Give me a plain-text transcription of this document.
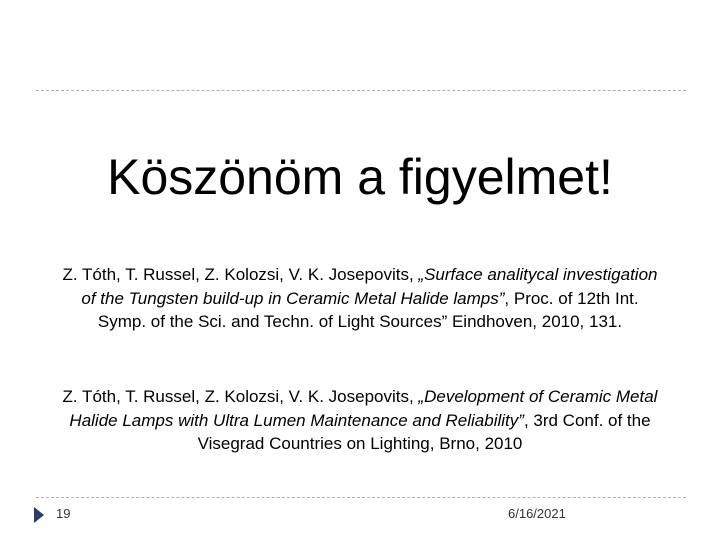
Köszönöm a figyelmet!
Z. Tóth, T. Russel, Z. Kolozsi, V. K. Josepovits, „Surface analitycal investigation of the Tungsten build-up in Ceramic Metal Halide lamps”, Proc. of 12th Int. Symp. of the Sci. and Techn. of Light Sources” Eindhoven, 2010, 131.
Z. Tóth, T. Russel, Z. Kolozsi, V. K. Josepovits, „Development of Ceramic Metal Halide Lamps with Ultra Lumen Maintenance and Reliability”, 3rd Conf. of the Visegrad Countries on Lighting, Brno, 2010
19	6/16/2021
